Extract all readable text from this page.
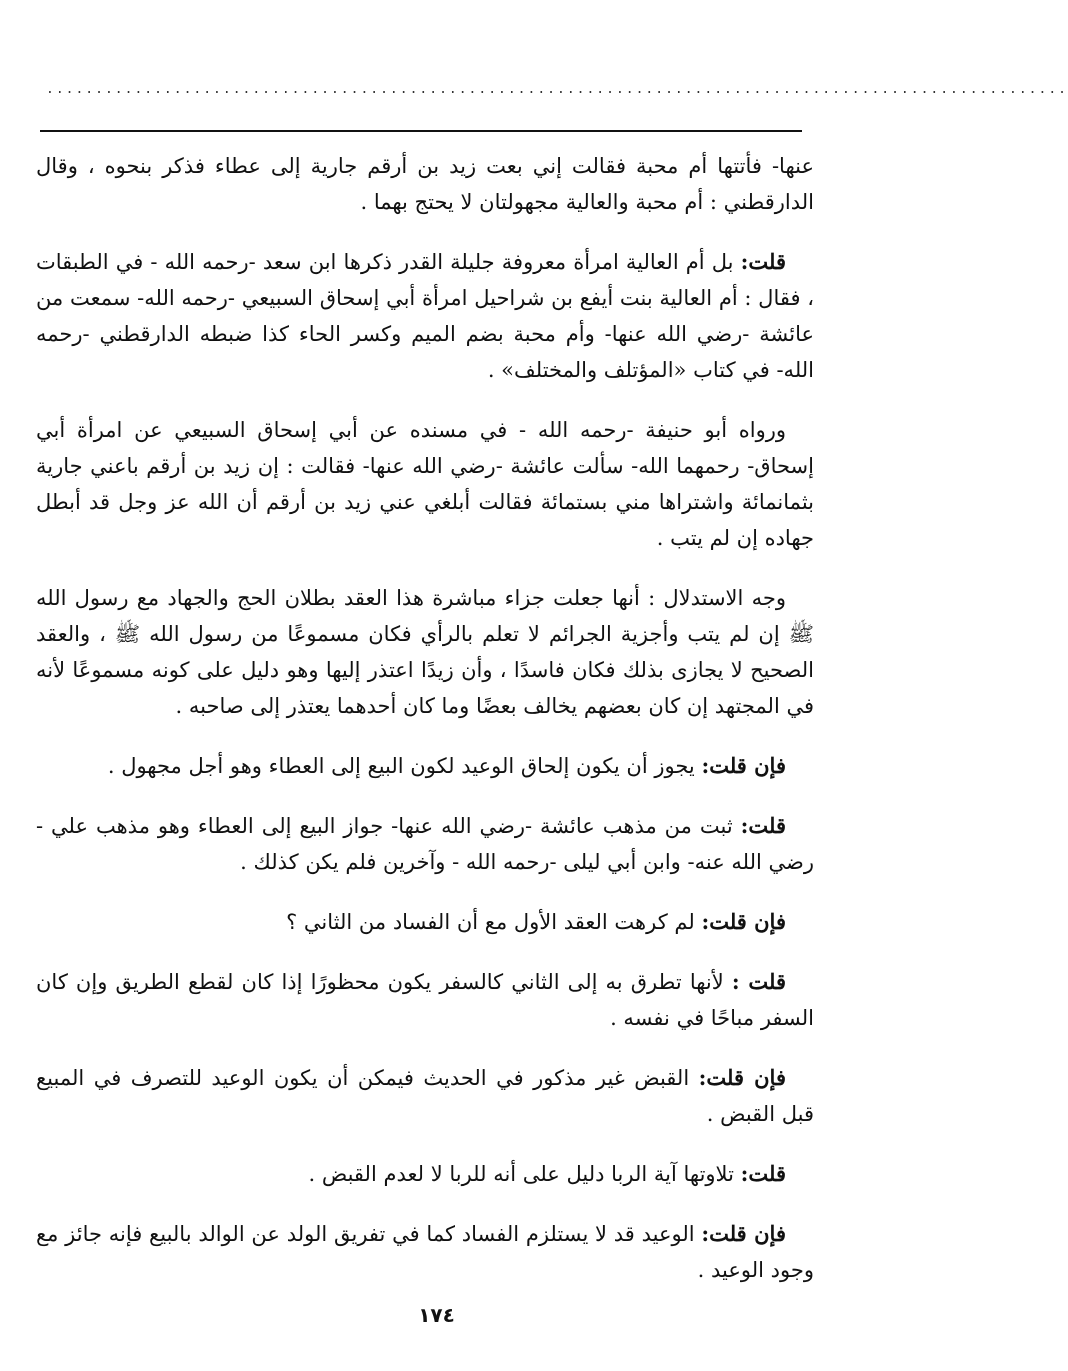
........................................................................................................

عنها- فأتتها أم محبة فقالت إني بعت زيد بن أرقم جارية إلى عطاء فذكر بنحوه ، وقال الدارقطني : أم محبة والعالية مجهولتان لا يحتج بهما .

قلت: بل أم العالية امرأة معروفة جليلة القدر ذكرها ابن سعد -رحمه الله - في الطبقات ، فقال : أم العالية بنت أيفع بن شراحيل امرأة أبي إسحاق السبيعي -رحمه الله- سمعت من عائشة -رضي الله عنها- وأم محبة بضم الميم وكسر الحاء كذا ضبطه الدارقطني -رحمه الله- في كتاب «المؤتلف والمختلف» .

ورواه أبو حنيفة -رحمه الله - في مسنده عن أبي إسحاق السبيعي عن امرأة أبي إسحاق- رحمهما الله- سألت عائشة -رضي الله عنها- فقالت : إن زيد بن أرقم باعني جارية بثمانمائة واشتراها مني بستمائة فقالت أبلغي عني زيد بن أرقم أن الله عز وجل قد أبطل جهاده إن لم يتب .

وجه الاستدلال : أنها جعلت جزاء مباشرة هذا العقد بطلان الحج والجهاد مع رسول الله ﷺ إن لم يتب وأجزية الجرائم لا تعلم بالرأي فكان مسموعًا من رسول الله ﷺ ، والعقد الصحيح لا يجازى بذلك فكان فاسدًا ، وأن زيدًا اعتذر إليها وهو دليل على كونه مسموعًا لأنه في المجتهد إن كان بعضهم يخالف بعضًا وما كان أحدهما يعتذر إلى صاحبه .

فإن قلت: يجوز أن يكون إلحاق الوعيد لكون البيع إلى العطاء وهو أجل مجهول .

قلت: ثبت من مذهب عائشة -رضي الله عنها- جواز البيع إلى العطاء وهو مذهب علي - رضي الله عنه- وابن أبي ليلى -رحمه الله - وآخرين فلم يكن كذلك .

فإن قلت: لم كرهت العقد الأول مع أن الفساد من الثاني ؟

قلت : لأنها تطرق به إلى الثاني كالسفر يكون محظورًا إذا كان لقطع الطريق وإن كان السفر مباحًا في نفسه .

فإن قلت: القبض غير مذكور في الحديث فيمكن أن يكون الوعيد للتصرف في المبيع قبل القبض .

قلت: تلاوتها آية الربا دليل على أنه للربا لا لعدم القبض .

فإن قلت: الوعيد قد لا يستلزم الفساد كما في تفريق الولد عن الوالد بالبيع فإنه جائز مع وجود الوعيد .

١٧٤
